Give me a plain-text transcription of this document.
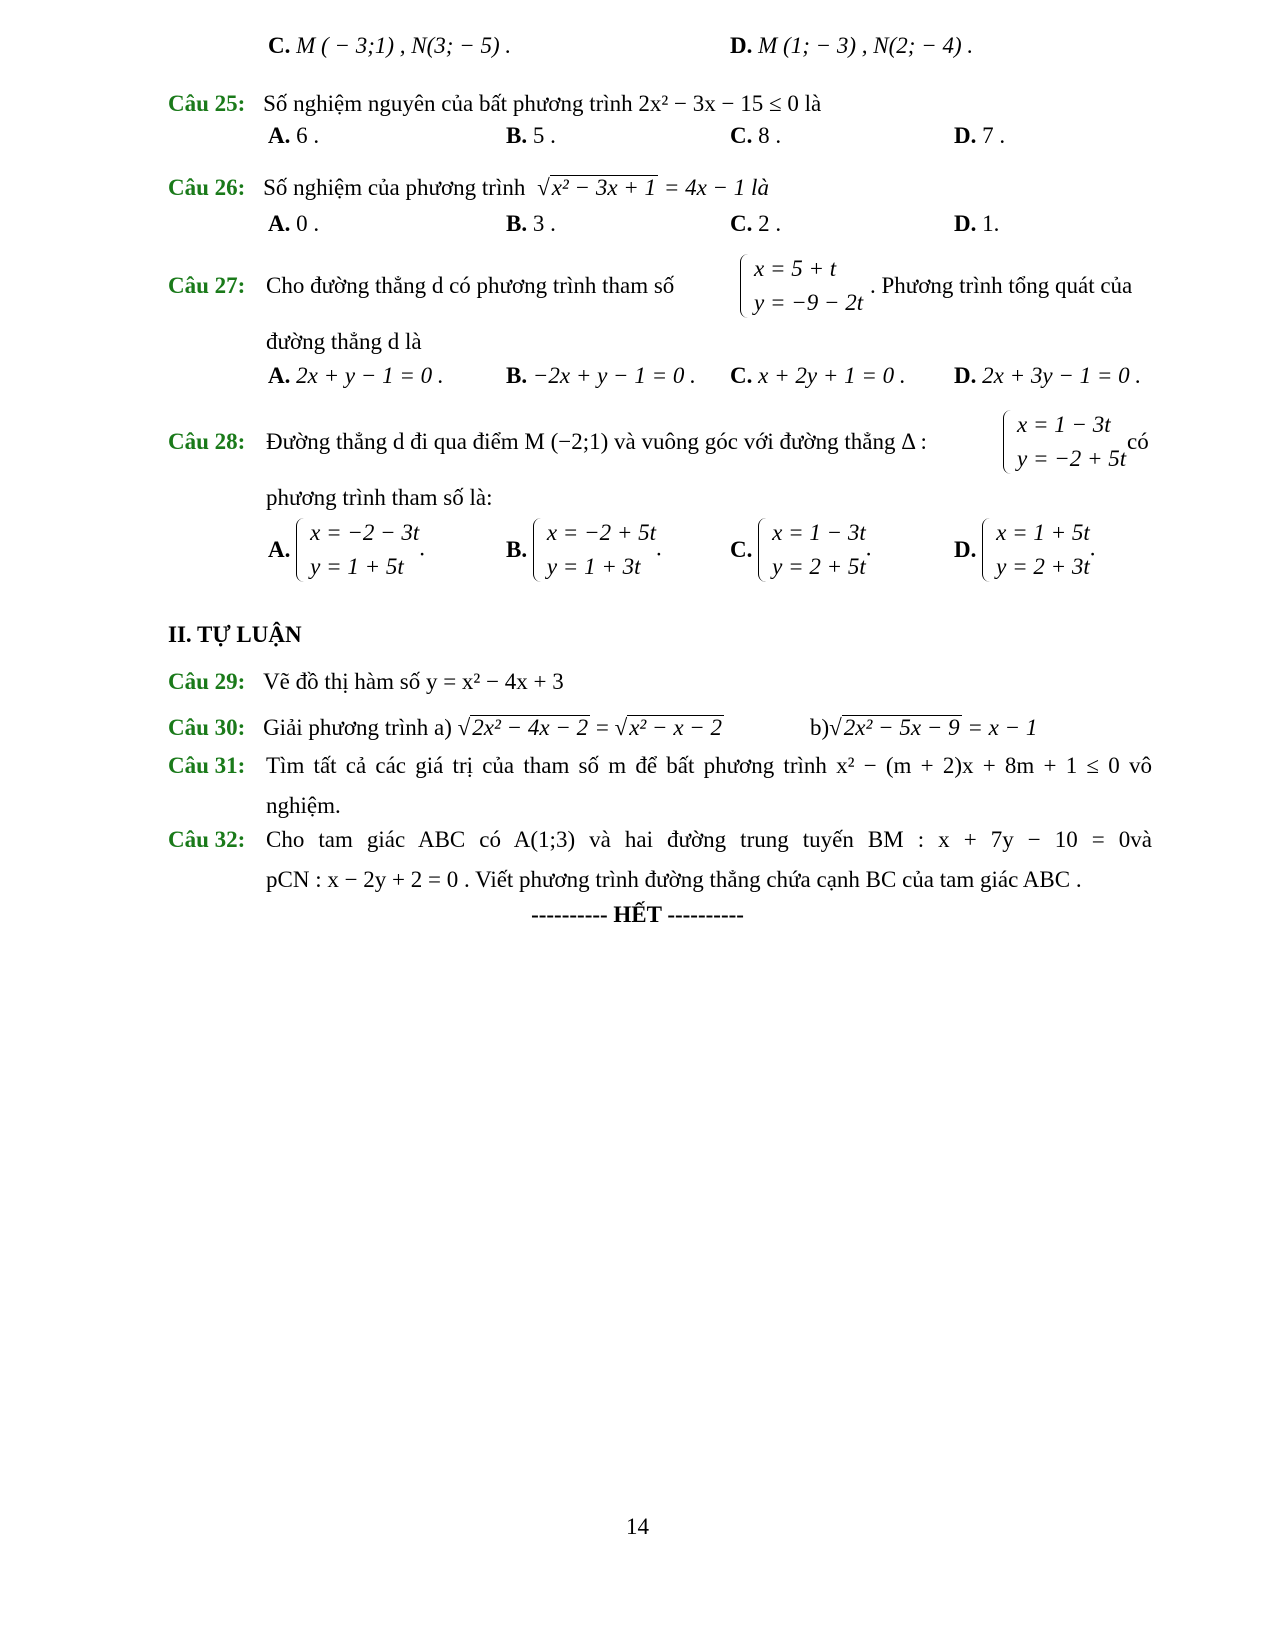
C. M ( − 3;1) , N(3; − 5) .	D. M (1; − 3) , N(2; − 4) .
Câu 25: Số nghiệm nguyên của bất phương trình 2x² − 3x − 15 ≤ 0 là
A. 6 .	B. 5 .	C. 8 .	D. 7 .
Câu 26: Số nghiệm của phương trình √x² − 3x + 1 = 4x − 1 là
A. 0 .	B. 3 .	C. 2 .	D. 1.
Câu 27: Cho đường thẳng d có phương trình tham số
x = 5 + t
y = −9 − 2t
. Phương trình tổng quát của
đường thẳng d là
A. 2x + y − 1 = 0 .	B. −2x + y − 1 = 0 . C. x + 2y + 1 = 0 . D. 2x + 3y − 1 = 0 .
Câu 28: Đường thẳng d đi qua điểm M (−2;1) và vuông góc với đường thẳng Δ :
x = 1 − 3t
y = −2 + 5t
có
phương trình tham số là:
A.
x = −2 − 3t
y = 1 + 5t
.	B.
x = −2 + 5t
y = 1 + 3t
.	C.
x = 1 − 3t
y = 2 + 5t
.	D.
x = 1 + 5t
y = 2 + 3t
.
II. TỰ LUẬN
Câu 29: Vẽ đồ thị hàm số y = x² − 4x + 3
Câu 30: Giải phương trình a) √2x² − 4x − 2 = √x² − x − 2	b)√2x² − 5x − 9 = x − 1
Câu 31: Tìm tất cả các giá trị của tham số m để bất phương trình x² − (m + 2)x + 8m + 1 ≤ 0 vô
nghiệm.
Câu 32: Cho tam giác ABC có A(1;3) và hai đường trung tuyến BM : x + 7y − 10 = 0và
pCN : x − 2y + 2 = 0 . Viết phương trình đường thẳng chứa cạnh BC của tam giác ABC .
---------- HẾT ----------
14
